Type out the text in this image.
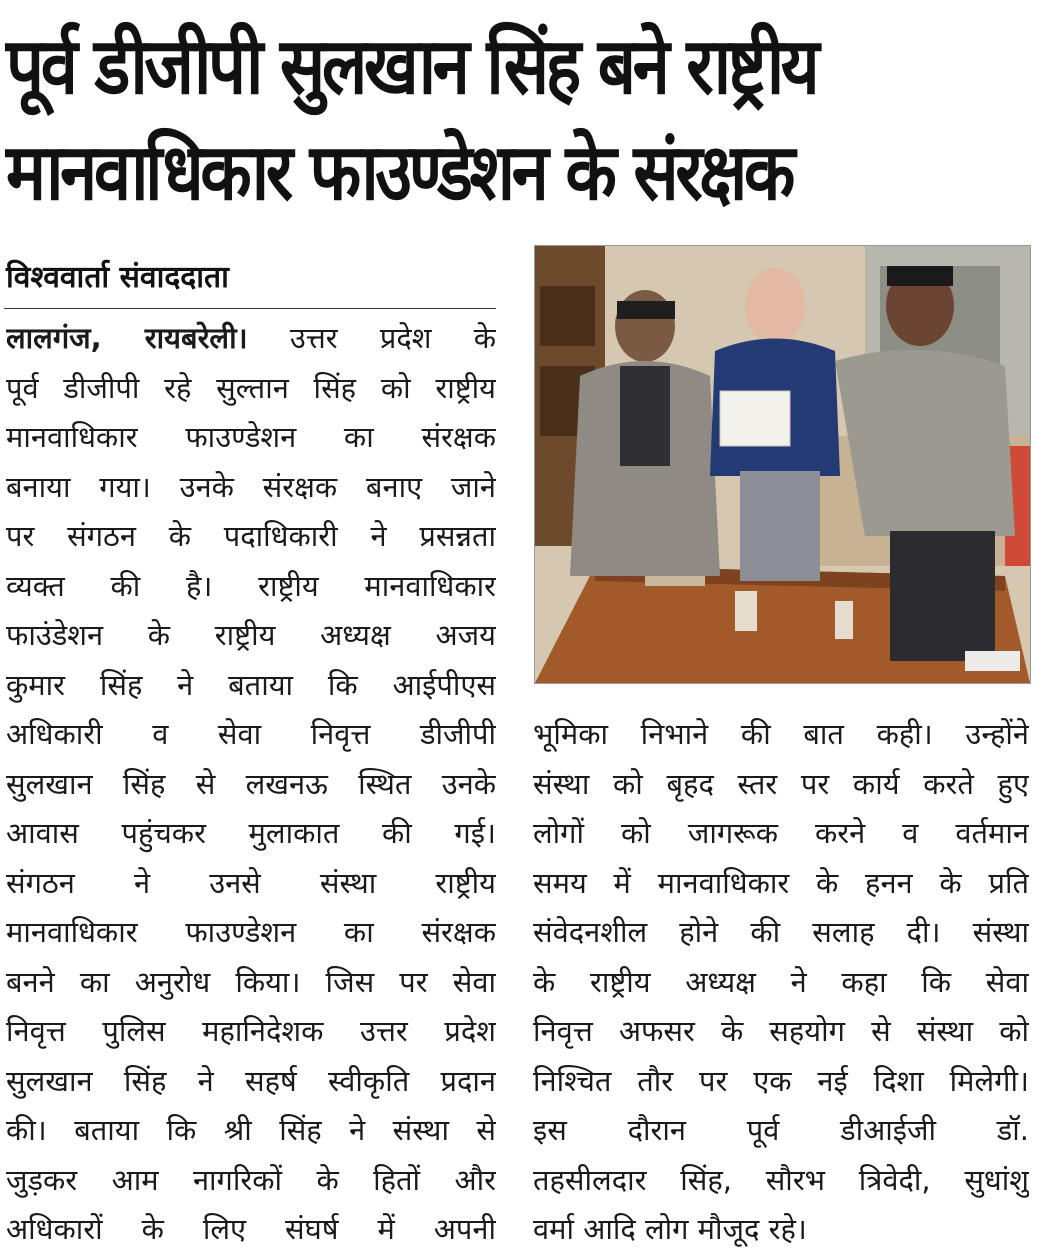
पूर्व डीजीपी सुलखान सिंह बने राष्ट्रीय
मानवाधिकार फाउण्डेशन के संरक्षक
विश्ववार्ता संवाददाता
लालगंज, रायबरेली। उत्तर प्रदेश के
पूर्व डीजीपी रहे सुल्तान सिंह को राष्ट्रीय
मानवाधिकार फाउण्डेशन का संरक्षक
बनाया गया। उनके संरक्षक बनाए जाने
पर संगठन के पदाधिकारी ने प्रसन्नता
व्यक्त की है। राष्ट्रीय मानवाधिकार
फाउंडेशन के राष्ट्रीय अध्यक्ष अजय
कुमार सिंह ने बताया कि आईपीएस
अधिकारी व सेवा निवृत्त डीजीपी
सुलखान सिंह से लखनऊ स्थित उनके
आवास पहुंचकर मुलाकात की गई।
संगठन ने उनसे संस्था राष्ट्रीय
मानवाधिकार फाउण्डेशन का संरक्षक
बनने का अनुरोध किया। जिस पर सेवा
निवृत्त पुलिस महानिदेशक उत्तर प्रदेश
सुलखान सिंह ने सहर्ष स्वीकृति प्रदान
की। बताया कि श्री सिंह ने संस्था से
जुड़कर आम नागरिकों के हितों और
अधिकारों के लिए संघर्ष में अपनी
भूमिका निभाने की बात कही। उन्होंने
संस्था को बृहद स्तर पर कार्य करते हुए
लोगों को जागरूक करने व वर्तमान
समय में मानवाधिकार के हनन के प्रति
संवेदनशील होने की सलाह दी। संस्था
के राष्ट्रीय अध्यक्ष ने कहा कि सेवा
निवृत्त अफसर के सहयोग से संस्था को
निश्चित तौर पर एक नई दिशा मिलेगी।
इस दौरान पूर्व डीआईजी डॉ.
तहसीलदार सिंह, सौरभ त्रिवेदी, सुधांशु
वर्मा आदि लोग मौजूद रहे।
